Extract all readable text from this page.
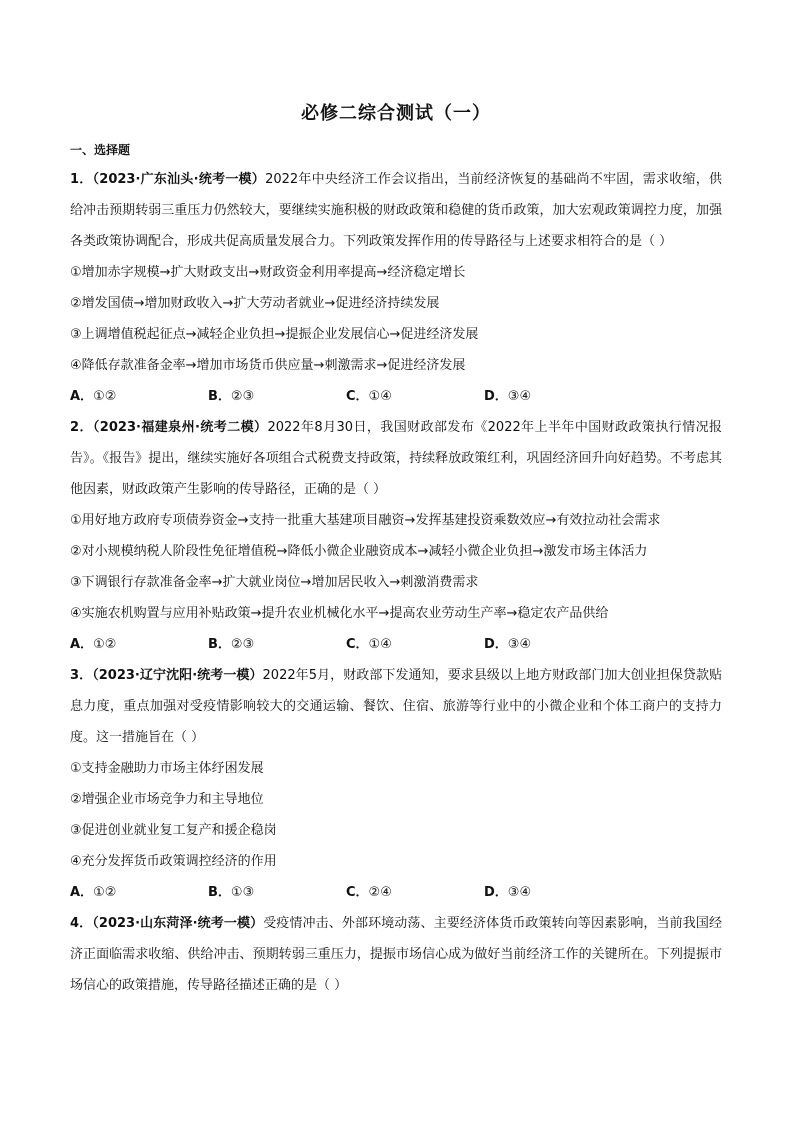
必修二综合测试（一）
一、选择题
1．（2023·广东汕头·统考一模）2022年中央经济工作会议指出，当前经济恢复的基础尚不牢固，需求收缩，供给冲击预期转弱三重压力仍然较大，要继续实施积极的财政政策和稳健的货币政策，加大宏观政策调控力度，加强各类政策协调配合，形成共促高质量发展合力。下列政策发挥作用的传导路径与上述要求相符合的是（ ）
①增加赤字规模→扩大财政支出→财政资金利用率提高→经济稳定增长
②增发国债→增加财政收入→扩大劳动者就业→促进经济持续发展
③上调增值税起征点→减轻企业负担→提振企业发展信心→促进经济发展
④降低存款准备金率→增加市场货币供应量→刺激需求→促进经济发展
A．①②	B．②③	C．①④	D．③④
2．（2023·福建泉州·统考二模）2022年8月30日，我国财政部发布《2022年上半年中国财政政策执行情况报告》。《报告》提出，继续实施好各项组合式税费支持政策，持续释放政策红利，巩固经济回升向好趋势。不考虑其他因素，财政政策产生影响的传导路径，正确的是（ ）
①用好地方政府专项债券资金→支持一批重大基建项目融资→发挥基建投资乘数效应→有效拉动社会需求
②对小规模纳税人阶段性免征增值税→降低小微企业融资成本→减轻小微企业负担→激发市场主体活力
③下调银行存款准备金率→扩大就业岗位→增加居民收入→刺激消费需求
④实施农机购置与应用补贴政策→提升农业机械化水平→提高农业劳动生产率→稳定农产品供给
A．①②	B．②③	C．①④	D．③④
3．（2023·辽宁沈阳·统考一模）2022年5月，财政部下发通知，要求县级以上地方财政部门加大创业担保贷款贴息力度，重点加强对受疫情影响较大的交通运输、餐饮、住宿、旅游等行业中的小微企业和个体工商户的支持力度。这一措施旨在（ ）
①支持金融助力市场主体纾困发展
②增强企业市场竞争力和主导地位
③促进创业就业复工复产和援企稳岗
④充分发挥货币政策调控经济的作用
A．①②	B．①③	C．②④	D．③④
4．（2023·山东菏泽·统考一模）受疫情冲击、外部环境动荡、主要经济体货币政策转向等因素影响，当前我国经济正面临需求收缩、供给冲击、预期转弱三重压力，提振市场信心成为做好当前经济工作的关键所在。下列提振市场信心的政策措施，传导路径描述正确的是（ ）
